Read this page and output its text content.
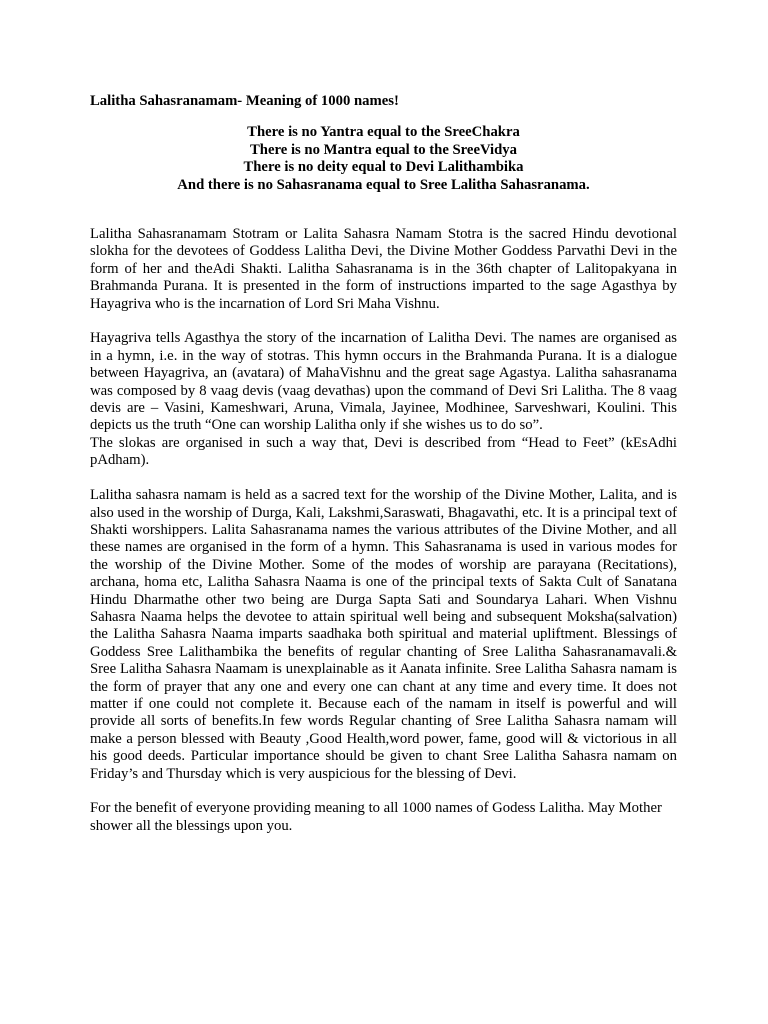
Lalitha Sahasranamam- Meaning of 1000 names!

There is no Yantra equal to the SreeChakra
There is no Mantra equal to the SreeVidya
There is no deity equal to Devi Lalithambika
And there is no Sahasranama equal to Sree Lalitha Sahasranama.

Lalitha Sahasranamam Stotram or Lalita Sahasra Namam Stotra is the sacred Hindu devotional slokha for the devotees of Goddess Lalitha Devi, the Divine Mother Goddess Parvathi Devi in the form of her and theAdi Shakti. Lalitha Sahasranama is in the 36th chapter of Lalitopakyana in Brahmanda Purana. It is presented in the form of instructions imparted to the sage Agasthya by Hayagriva who is the incarnation of Lord Sri Maha Vishnu.

Hayagriva tells Agasthya the story of the incarnation of Lalitha Devi. The names are organised as in a hymn, i.e. in the way of stotras. This hymn occurs in the Brahmanda Purana. It is a dialogue between Hayagriva, an (avatara) of MahaVishnu and the great sage Agastya. Lalitha sahasranama was composed by 8 vaag devis (vaag devathas) upon the command of Devi Sri Lalitha. The 8 vaag devis are – Vasini, Kameshwari, Aruna, Vimala, Jayinee, Modhinee, Sarveshwari, Koulini. This depicts us the truth “One can worship Lalitha only if she wishes us to do so”.

The slokas are organised in such a way that, Devi is described from “Head to Feet” (kEsAdhi pAdham).

Lalitha sahasra namam is held as a sacred text for the worship of the Divine Mother, Lalita, and is also used in the worship of Durga, Kali, Lakshmi,Saraswati, Bhagavathi, etc. It is a principal text of Shakti worshippers. Lalita Sahasranama names the various attributes of the Divine Mother, and all these names are organised in the form of a hymn. This Sahasranama is used in various modes for the worship of the Divine Mother. Some of the modes of worship are parayana (Recitations), archana, homa etc, Lalitha Sahasra Naama is one of the principal texts of Sakta Cult of Sanatana Hindu Dharmathe other two being are Durga Sapta Sati and Soundarya Lahari. When Vishnu Sahasra Naama helps the devotee to attain spiritual well being and subsequent Moksha(salvation) the Lalitha Sahasra Naama imparts saadhaka both spiritual and material upliftment. Blessings of Goddess Sree Lalithambika the benefits of regular chanting of Sree Lalitha Sahasranamavali.& Sree Lalitha Sahasra Naamam is unexplainable as it Aanata infinite. Sree Lalitha Sahasra namam is the form of prayer that any one and every one can chant at any time and every time. It does not matter if one could not complete it. Because each of the namam in itself is powerful and will provide all sorts of benefits.In few words Regular chanting of Sree Lalitha Sahasra namam will make a person blessed with Beauty ,Good Health,word power, fame, good will & victorious in all his good deeds. Particular importance should be given to chant Sree Lalitha Sahasra namam on Friday’s and Thursday which is very auspicious for the blessing of Devi.

For the benefit of everyone providing meaning to all 1000 names of Godess Lalitha. May Mother shower all the blessings upon you.
